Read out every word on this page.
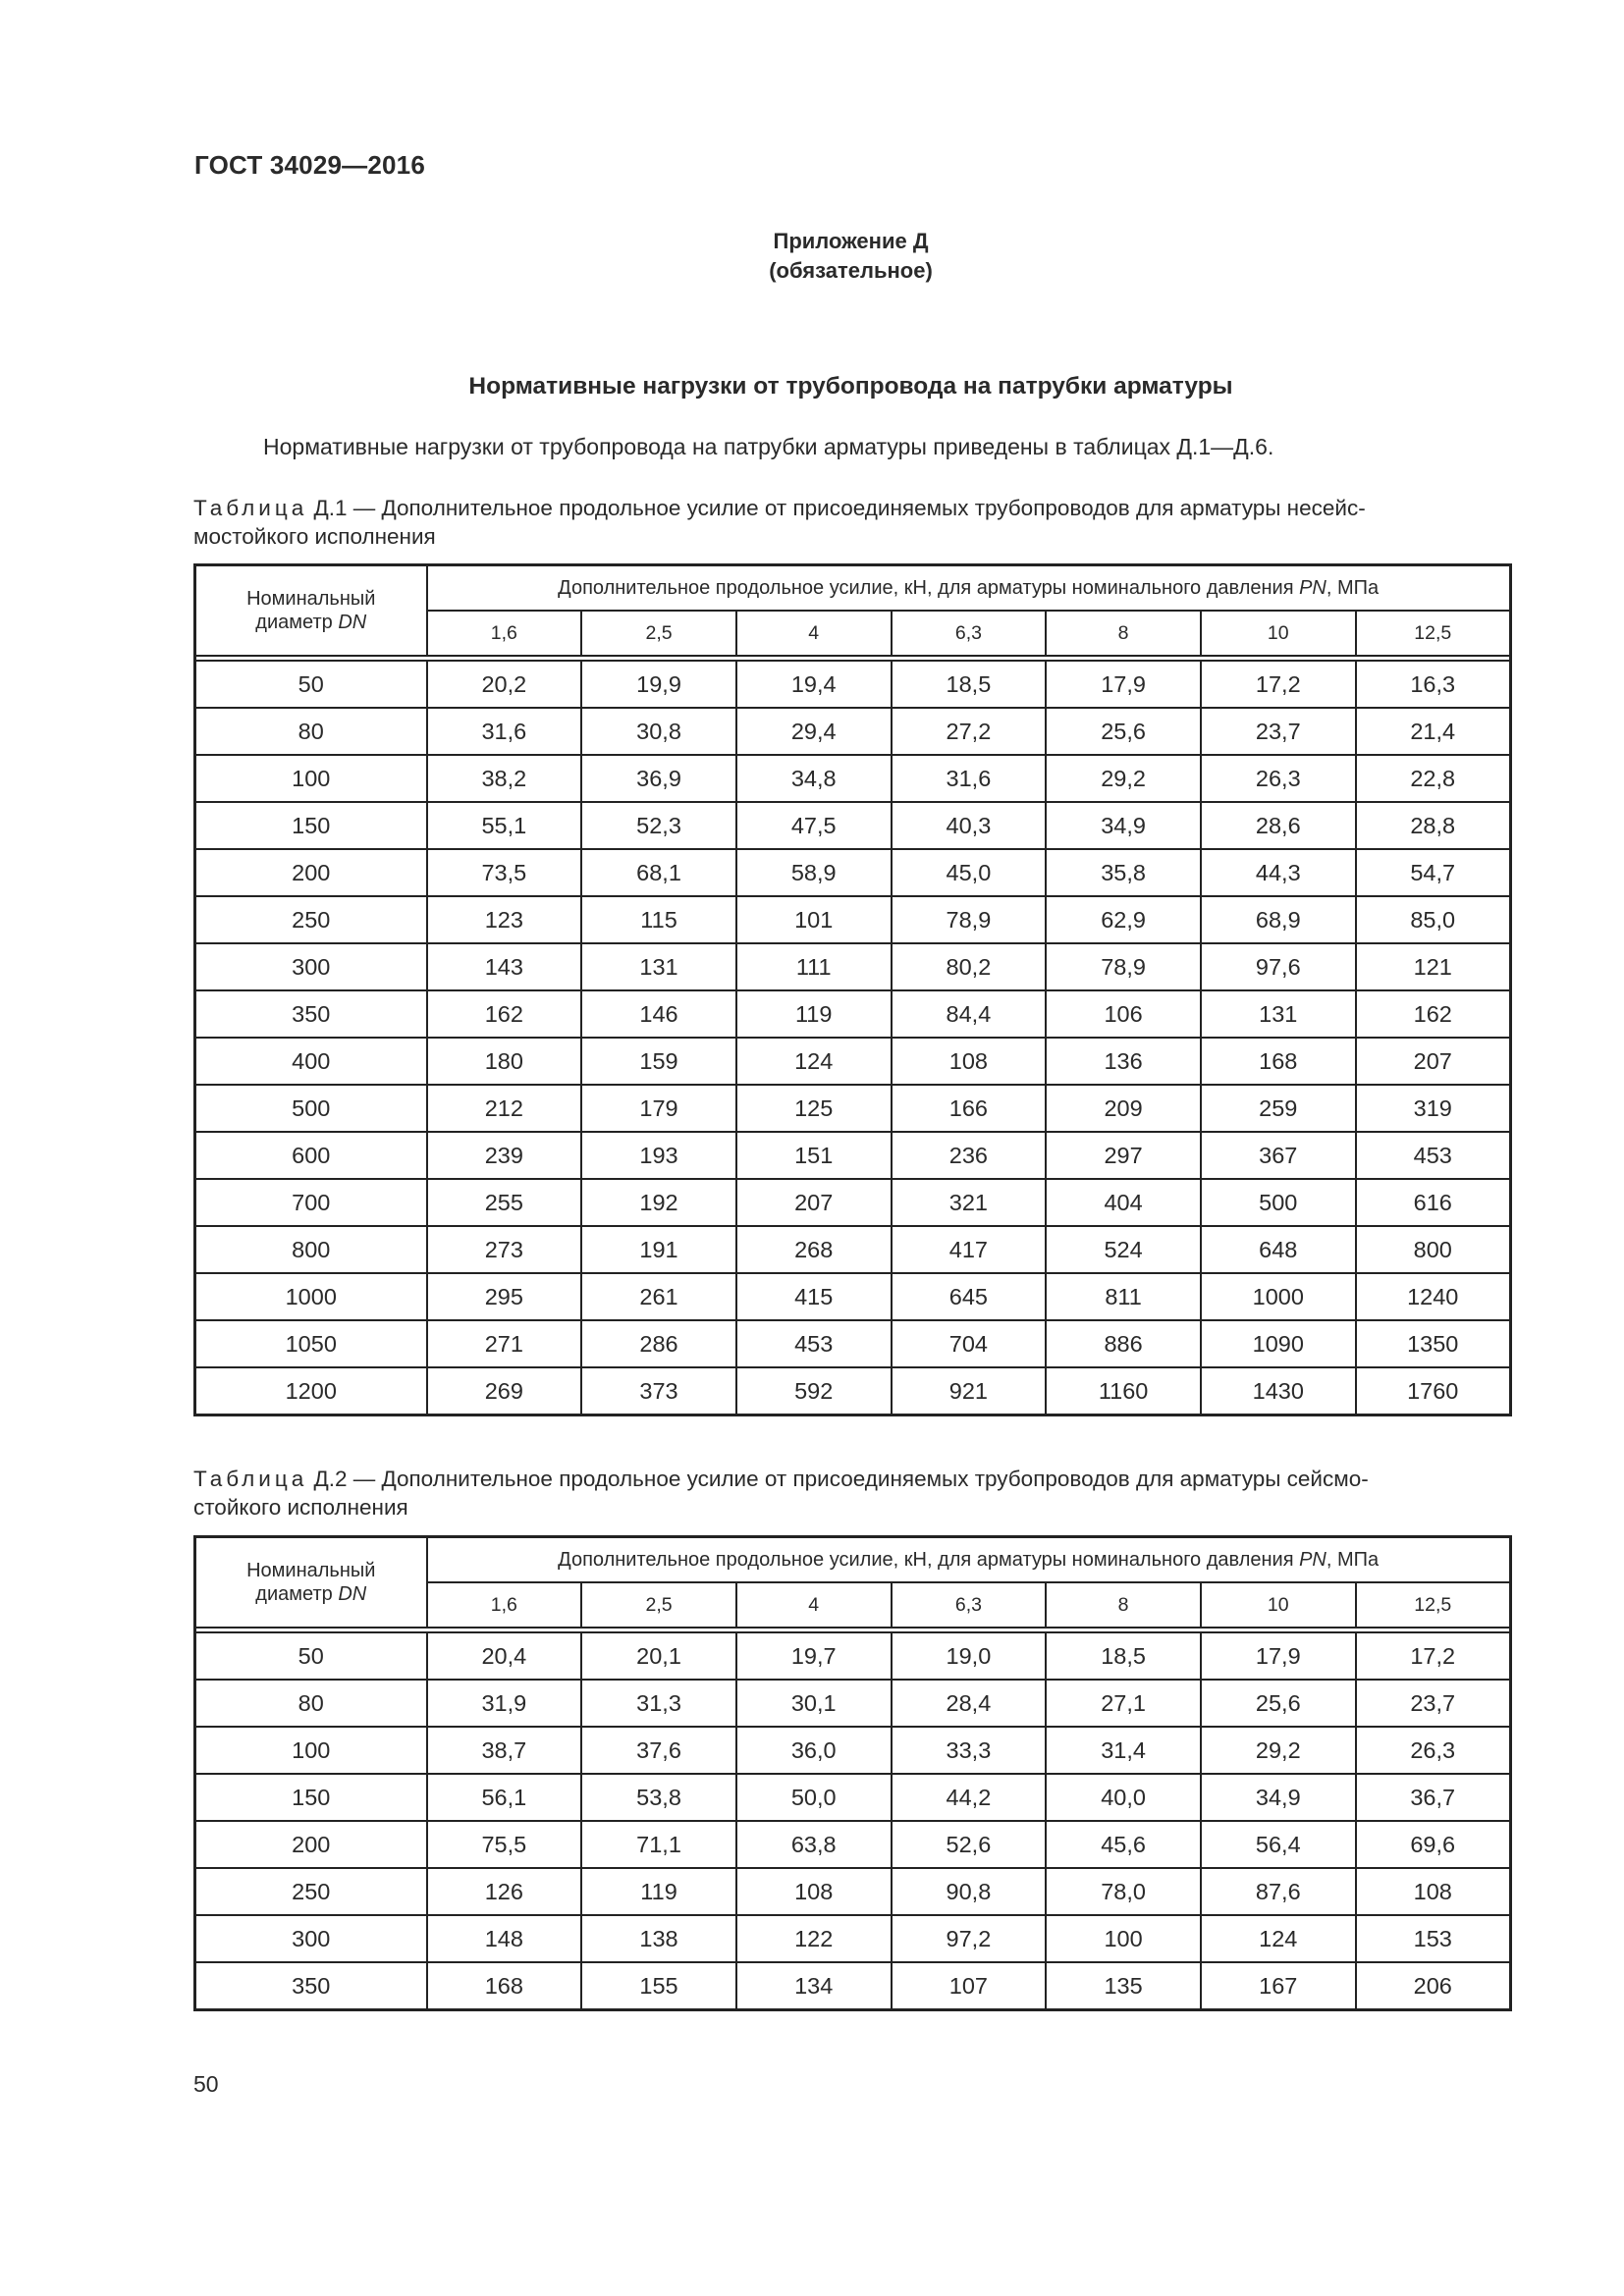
ГОСТ 34029—2016
Приложение Д
(обязательное)
Нормативные нагрузки от трубопровода на патрубки арматуры
Нормативные нагрузки от трубопровода на патрубки арматуры приведены в таблицах Д.1—Д.6.
Таблица Д.1 — Дополнительное продольное усилие от присоединяемых трубопроводов для арматуры несейс-
мостойкого исполнения
Номинальный
диаметр DN	Дополнительное продольное усилие, кН, для арматуры номинального давления PN, МПа						
	1,6	2,5	4	6,3	8	10	12,5

50	20,2	19,9	19,4	18,5	17,9	17,2	16,3
80	31,6	30,8	29,4	27,2	25,6	23,7	21,4
100	38,2	36,9	34,8	31,6	29,2	26,3	22,8
150	55,1	52,3	47,5	40,3	34,9	28,6	28,8
200	73,5	68,1	58,9	45,0	35,8	44,3	54,7
250	123	115	101	78,9	62,9	68,9	85,0
300	143	131	111	80,2	78,9	97,6	121
350	162	146	119	84,4	106	131	162
400	180	159	124	108	136	168	207
500	212	179	125	166	209	259	319
600	239	193	151	236	297	367	453
700	255	192	207	321	404	500	616
800	273	191	268	417	524	648	800
1000	295	261	415	645	811	1000	1240
1050	271	286	453	704	886	1090	1350
1200	269	373	592	921	1160	1430	1760
Таблица Д.2 — Дополнительное продольное усилие от присоединяемых трубопроводов для арматуры сейсмо-
стойкого исполнения
Номинальный
диаметр DN	Дополнительное продольное усилие, кН, для арматуры номинального давления PN, МПа						
	1,6	2,5	4	6,3	8	10	12,5

50	20,4	20,1	19,7	19,0	18,5	17,9	17,2
80	31,9	31,3	30,1	28,4	27,1	25,6	23,7
100	38,7	37,6	36,0	33,3	31,4	29,2	26,3
150	56,1	53,8	50,0	44,2	40,0	34,9	36,7
200	75,5	71,1	63,8	52,6	45,6	56,4	69,6
250	126	119	108	90,8	78,0	87,6	108
300	148	138	122	97,2	100	124	153
350	168	155	134	107	135	167	206
50
